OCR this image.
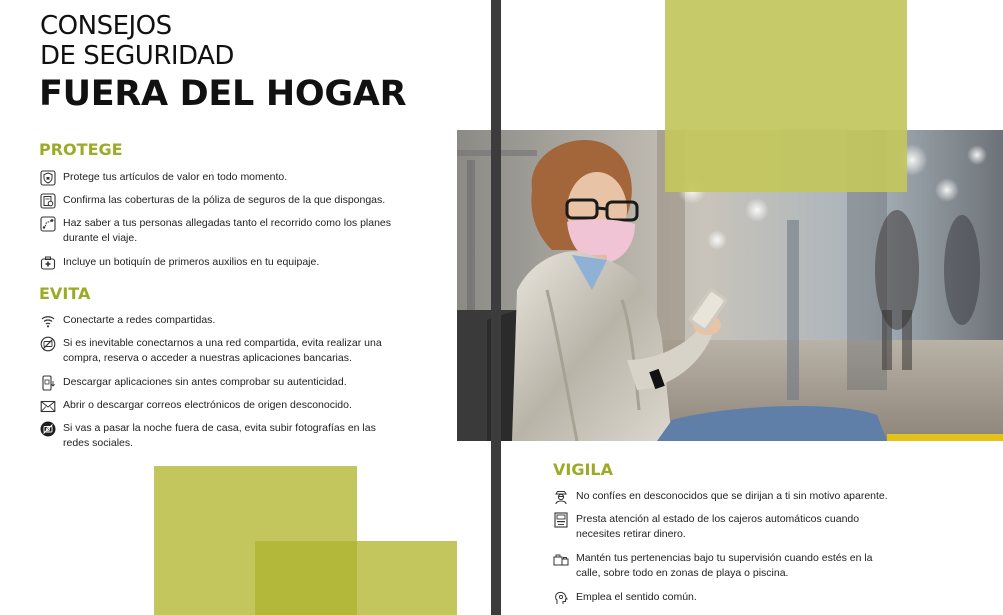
CONSEJOS
DE SEGURIDAD
FUERA DEL HOGAR
PROTEGE
Protege tus artículos de valor en todo momento.
Confirma las coberturas de la póliza de seguros de la que dispongas.
Haz saber a tus personas allegadas tanto el recorrido como los planes durante el viaje.
Incluye un botiquín de primeros auxilios en tu equipaje.
EVITA
Conectarte a redes compartidas.
Si es inevitable conectarnos a una red compartida, evita realizar una compra, reserva o acceder a nuestras aplicaciones bancarias.
Descargar aplicaciones sin antes comprobar su autenticidad.
Abrir o descargar correos electrónicos de origen desconocido.
Si vas a pasar la noche fuera de casa, evita subir fotografías en las redes sociales.
VIGILA
No confíes en desconocidos que se dirijan a ti sin motivo aparente.
Presta atención al estado de los cajeros automáticos cuando necesites retirar dinero.
Mantén tus pertenencias bajo tu supervisión cuando estés en la calle, sobre todo en zonas de playa o piscina.
Emplea el sentido común.
